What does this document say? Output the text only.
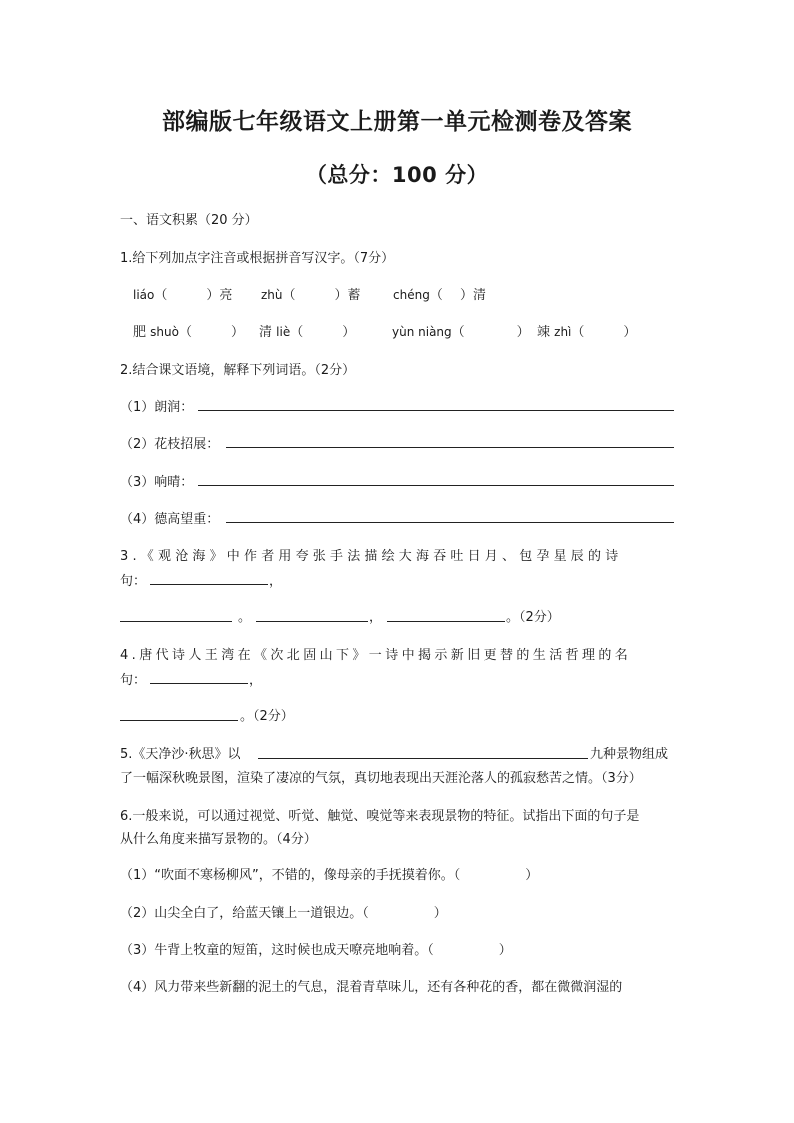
部编版七年级语文上册第一单元检测卷及答案
（总分：100 分）
一、语文积累（20 分）
1.给下列加点字注音或根据拼音写汉字。（7分）
liáo（　　　）亮 zhù（　　　）蓄	chéng（　 ）清
肥 shuò（　　　） 清 liè（　　　）	yùn niàng（　　　　） 竦 zhì（　　　）
2.结合课文语境，解释下列词语。（2分）
（1）朗润：
（2）花枝招展：
（3）响晴：
（4）德高望重：
3.《观沧海》中作者用夸张手法描绘大海吞吐日月、包孕星辰的诗
句：	，
。	，	。（2分）
4.唐代诗人王湾在《次北固山下》一诗中揭示新旧更替的生活哲理的名
句：	，
。（2分）
5.《天净沙·秋思》以	九种景物组成
了一幅深秋晚景图，渲染了凄凉的气氛，真切地表现出天涯沦落人的孤寂愁苦之情。（3分）
6.一般来说，可以通过视觉、听觉、触觉、嗅觉等来表现景物的特征。试指出下面的句子是
从什么角度来描写景物的。（4分）
（1）“吹面不寒杨柳风”，不错的，像母亲的手抚摸着你。（　　　　　）
（2）山尖全白了，给蓝天镶上一道银边。（　　　　　）
（3）牛背上牧童的短笛，这时候也成天嘹亮地响着。（　　　　　）
（4）风力带来些新翻的泥土的气息，混着青草味儿，还有各种花的香，都在微微润湿的
